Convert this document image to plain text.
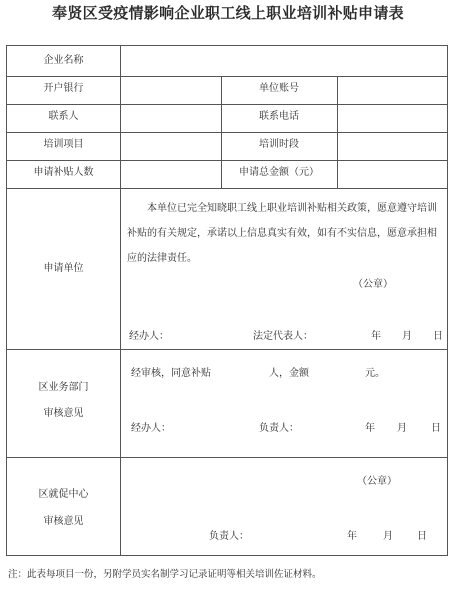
奉贤区受疫情影响企业职工线上职业培训补贴申请表
企业名称
开户银行	单位账号
联系人	联系电话
培训项目	培训时段
申请补贴人数	申请总金额（元）
申请单位
本单位已完全知晓职工线上职业培训补贴相关政策，愿意遵守培训补贴的有关规定，承诺以上信息真实有效，如有不实信息，愿意承担相应的法律责任。
（公章）
经办人：	法定代表人：	年 月 日
区业务部门
审核意见
经审核，同意补贴	人，金额	元。
经办人：	负责人：	年 月 日
区就促中心
审核意见
（公章）
负责人：	年	月 日
注：此表每项目一份，另附学员实名制学习记录证明等相关培训佐证材料。
